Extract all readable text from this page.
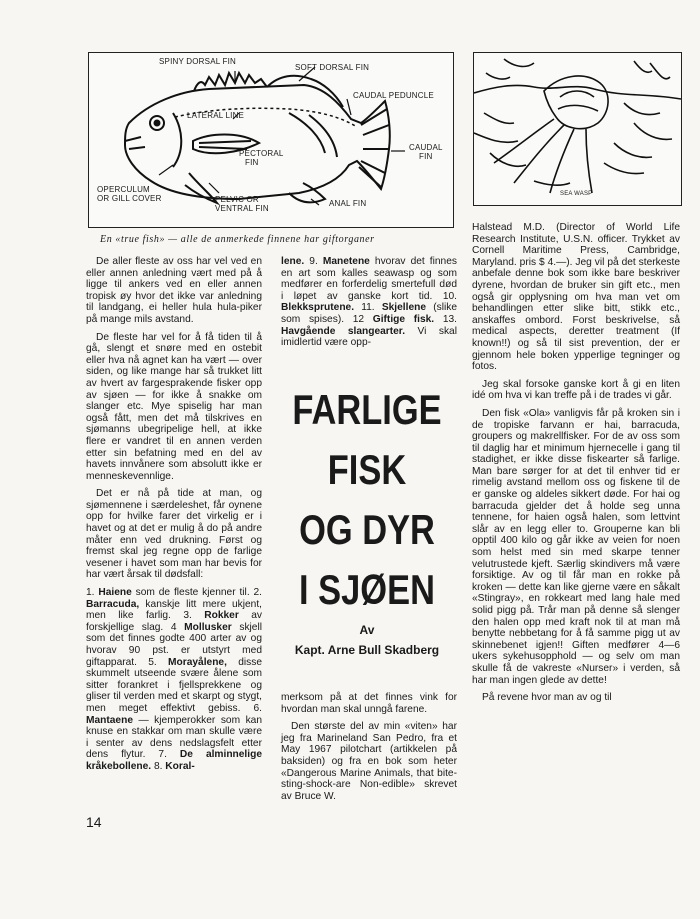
SPINY DORSAL FIN
SOFT DORSAL FIN
CAUDAL PEDUNCLE
LATERAL LINE
PECTORAL
FIN
CAUDAL
FIN
OPERCULUM
OR GILL COVER	PELVIC OR
VENTRAL FIN
ANAL FIN
SEA WASP
En «true fish» — alle de anmerkede finnene har giftorganer

De aller fleste av oss har vel ved en eller annen anledning vært med på å ligge til ankers ved en eller annen tropisk øy hvor det ikke var anledning til landgang, ei heller hula hula-piker på mange mils avstand.

De fleste har vel for å få tiden til å gå, slengt et snøre med en ostebit eller hva nå agnet kan ha vært — over siden, og like mange har så trukket litt av hvert av fargesprakende fisker opp av sjøen — for ikke å snakke om slanger etc. Mye spiselig har man også fått, men det må tilskrives en sjømanns ubegripelige hell, at ikke flere er vandret til en annen verden etter sin befatning med en del av havets innvånere som absolutt ikke er menneskevennlige.

Det er nå på tide at man, og sjømennene i særdeleshet, får oynene opp for hvilke farer det virkelig er i havet og at det er mulig å do på andre måter enn ved drukning. Først og fremst skal jeg regne opp de farlige vesener i havet som man har bevis for har vært årsak til dødsfall:

1. Haiene som de fleste kjenner til. 2. Barracuda, kanskje litt mere ukjent, men like farlig. 3. Rokker av forskjellige slag. 4 Mollusker skjell som det finnes godte 400 arter av og hvorav 90 pst. er utstyrt med giftapparat. 5. Morayålene, disse skummelt utseende svære ålene som sitter forankret i fjellsprekkene og gliser til verden med et skarpt og stygt, men meget effektivt gebiss. 6. Mantaene — kjemperokker som kan knuse en stakkar om man skulle være i senter av dens nedslagsfelt etter dens flytur. 7. De alminnelige kråkebollene. 8. Koral-

lene. 9. Manetene hvorav det finnes en art som kalles seawasp og som medfører en forferdelig smertefull død i løpet av ganske kort tid. 10. Blekksprutene. 11. Skjellene (slike som spises). 12 Giftige fisk. 13. Havgående slangearter. Vi skal imidlertid være opp-

FARLIGE
FISK
OG DYR
I SJØEN
Av
Kapt. Arne Bull Skadberg

merksom på at det finnes vink for hvordan man skal unngå farene.

Den største del av min «viten» har jeg fra Marineland San Pedro, fra et May 1967 pilotchart (artikkelen på baksiden) og fra en bok som heter «Dangerous Marine Animals, that bite-sting-shock-are Non-edible» skrevet av Bruce W.

Halstead M.D. (Director of World Life Research Institute, U.S.N. officer. Trykket av Cornell Maritime Press, Cambridge, Maryland. pris $ 4.—). Jeg vil på det sterkeste anbefale denne bok som ikke bare beskriver dyrene, hvordan de bruker sin gift etc., men også gir opplysning om hva man vet om behandlingen etter slike bitt, stikk etc., anskaffes ombord. Forst beskrivelse, så medical aspects, deretter treatment (If known!!) og så til sist prevention, der er gjennom hele boken ypperlige tegninger og fotos.

Jeg skal forsoke ganske kort å gi en liten idé om hva vi kan treffe på i de trades vi går.

Den fisk «Ola» vanligvis får på kroken sin i de tropiske farvann er hai, barracuda, groupers og makrellfisker. For de av oss som til daglig har et minimum hjernecelle i gang til stadighet, er ikke disse fiskearter så farlige. Man bare sørger for at det til enhver tid er rimelig avstand mellom oss og fiskene til de er ganske og aldeles sikkert døde. For hai og barracuda gjelder det å holde seg unna tennene, for haien også halen, som lettvint slår av en legg eller to. Grouperne kan bli opptil 400 kilo og går ikke av veien for noen som helst med sin med skarpe tenner velutrustede kjeft. Særlig skindivers må være forsiktige. Av og til får man en rokke på kroken — dette kan like gjerne være en såkalt «Stingray», en rokkeart med lang hale med solid pigg på. Trår man på denne så slenger den halen opp med kraft nok til at man må benytte nebbetang for å få samme pigg ut av skinnebenet igjen!! Giften medfører 4—6 ukers sykehusopphold — og selv om man skulle få de vakreste «Nurser» i verden, så har man ingen glede av dette!

På revene hvor man av og til

14
